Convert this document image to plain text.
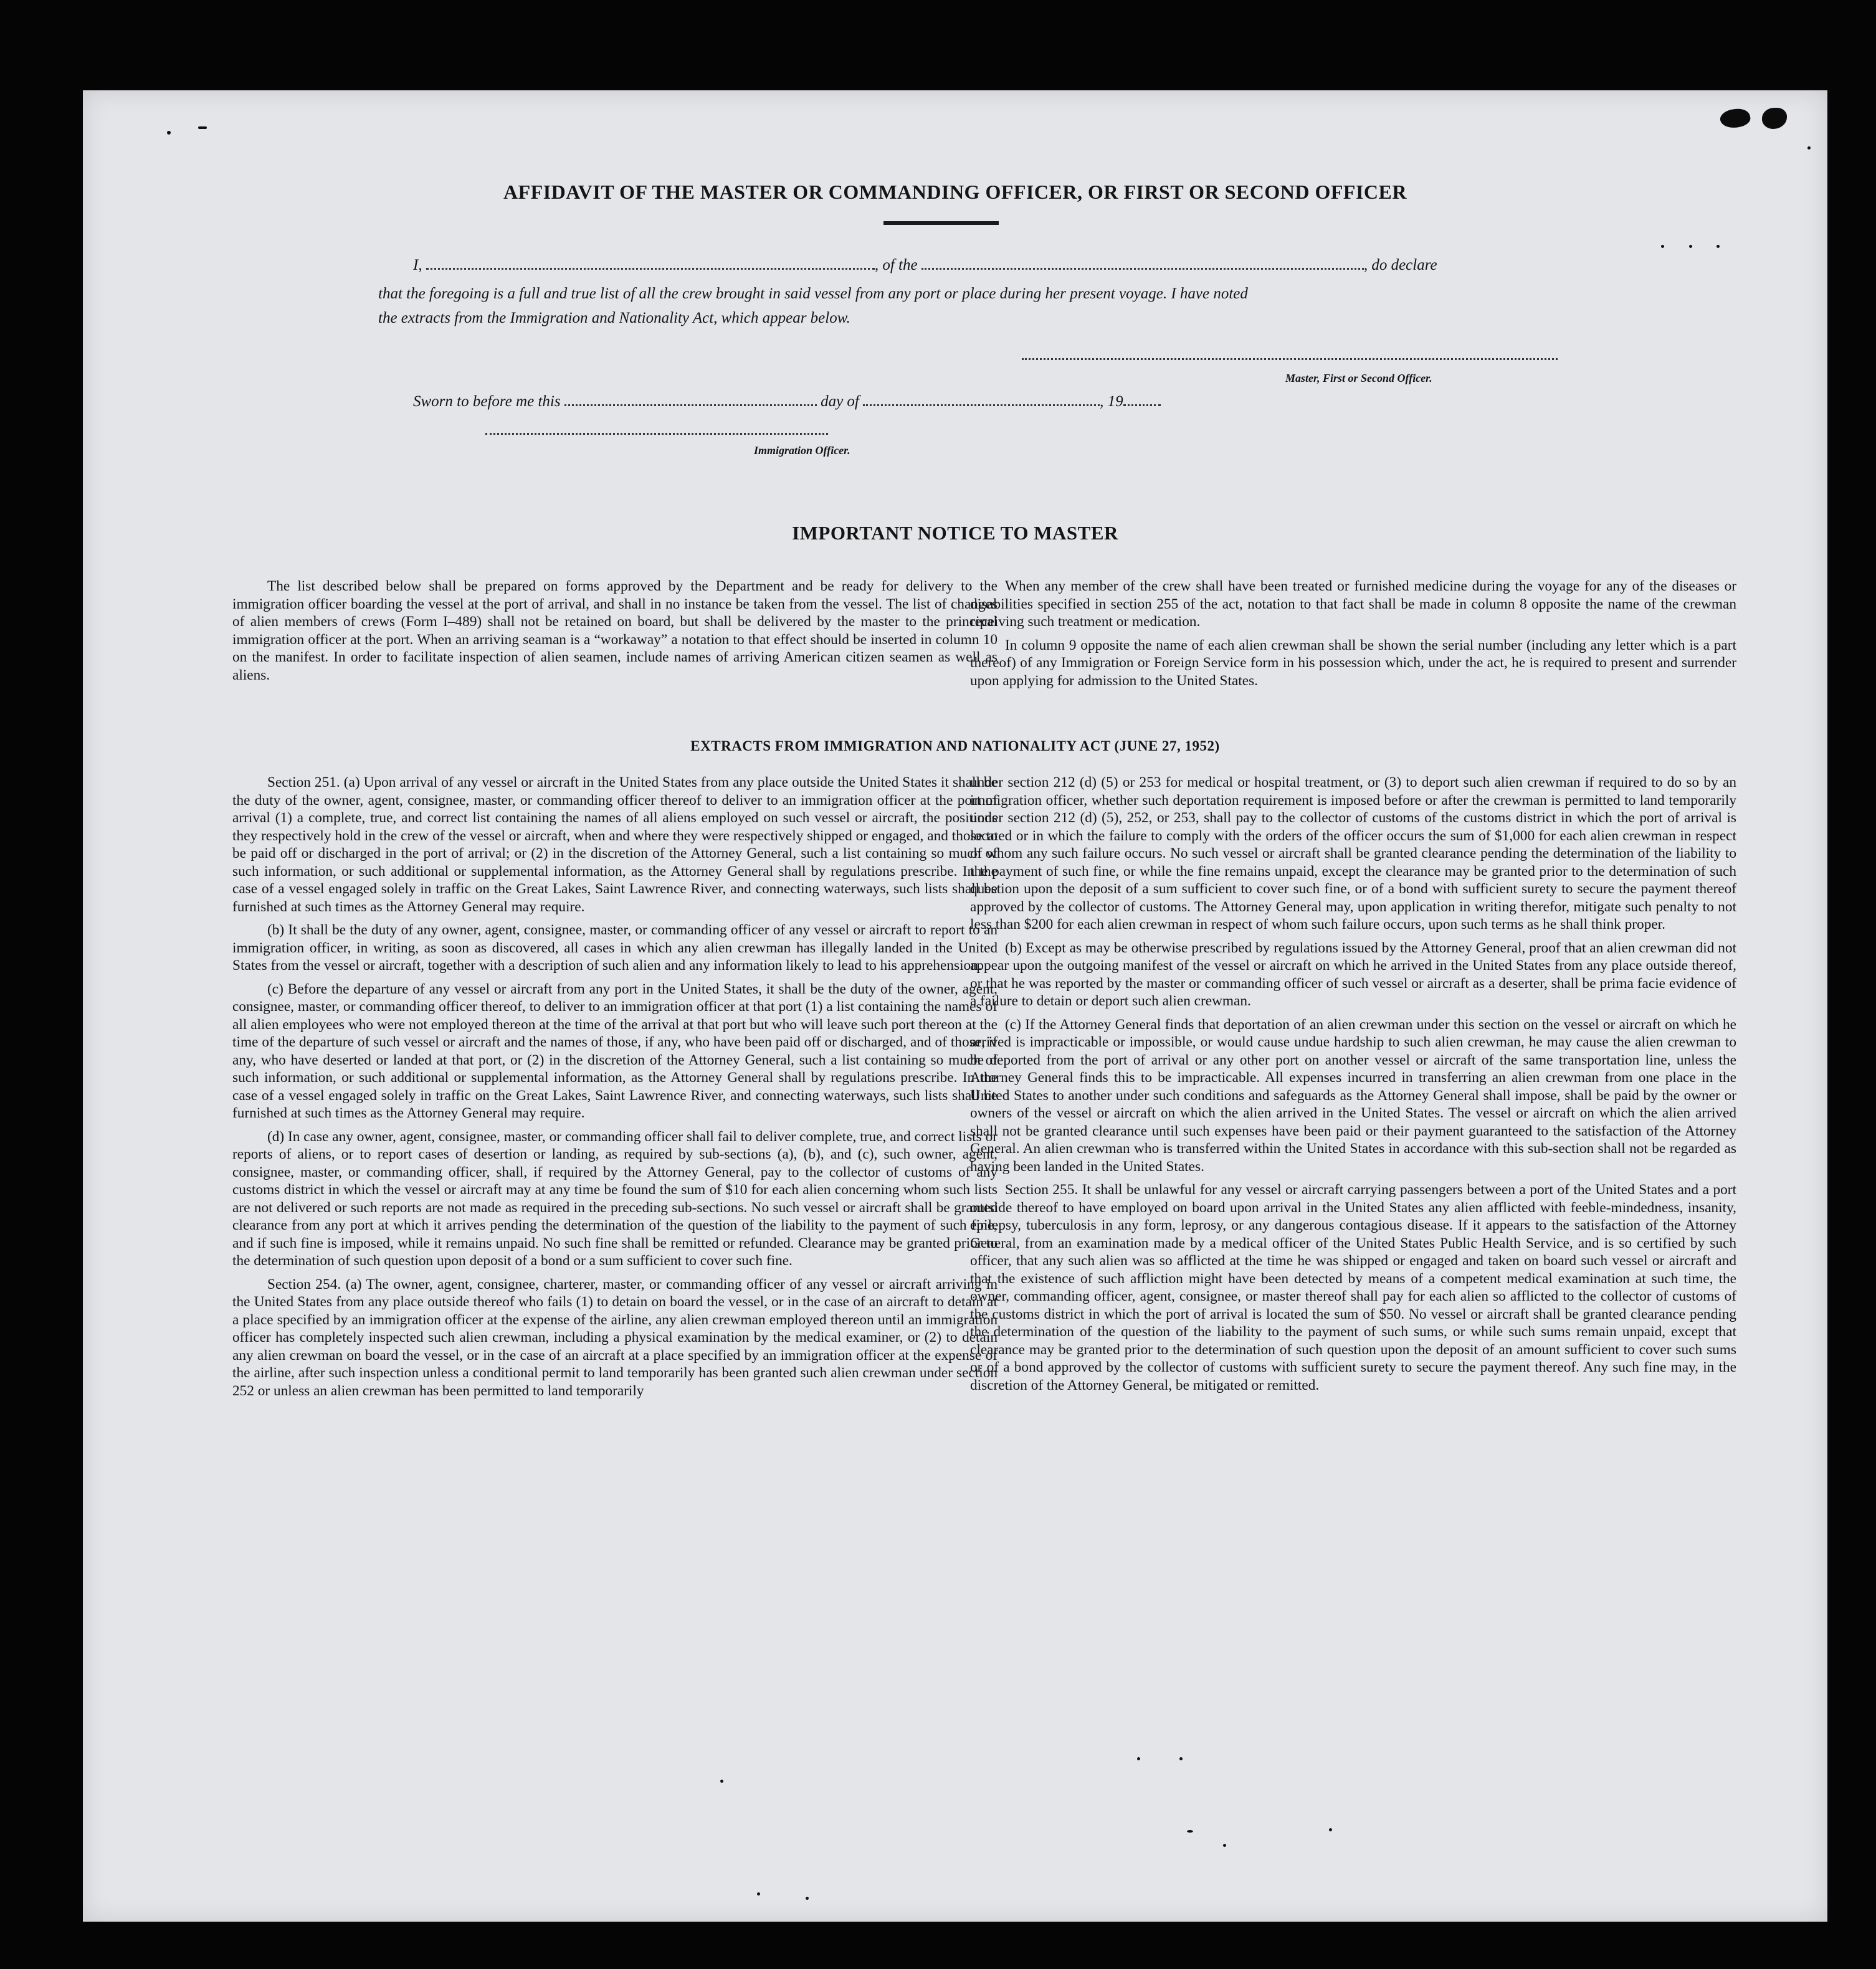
AFFIDAVIT OF THE MASTER OR COMMANDING OFFICER, OR FIRST OR SECOND OFFICER
I,	, of the	, do declare
that the foregoing is a full and true list of all the crew brought in said vessel from any port or place during her present voyage. I have noted
the extracts from the Immigration and Nationality Act, which appear below.
Master, First or Second Officer.
Sworn to before me this	day of	, 19
Immigration Officer.
IMPORTANT NOTICE TO MASTER

The list described below shall be prepared on forms approved by the Department and be ready for delivery to the immigration officer boarding the vessel at the port of arrival, and shall in no instance be taken from the vessel. The list of changes of alien members of crews (Form I–489) shall not be retained on board, but shall be delivered by the master to the principal immigration officer at the port. When an arriving seaman is a “workaway” a notation to that effect should be inserted in column 10 on the manifest. In order to facilitate inspection of alien seamen, include names of arriving American citizen seamen as well as aliens.

When any member of the crew shall have been treated or furnished medicine during the voyage for any of the diseases or disabilities specified in section 255 of the act, notation to that fact shall be made in column 8 opposite the name of the crewman receiving such treatment or medication.

In column 9 opposite the name of each alien crewman shall be shown the serial number (including any letter which is a part thereof) of any Immigration or Foreign Service form in his possession which, under the act, he is required to present and surrender upon applying for admission to the United States.

EXTRACTS FROM IMMIGRATION AND NATIONALITY ACT (JUNE 27, 1952)

Section 251. (a) Upon arrival of any vessel or aircraft in the United States from any place outside the United States it shall be the duty of the owner, agent, consignee, master, or commanding officer thereof to deliver to an immigration officer at the port of arrival (1) a complete, true, and correct list containing the names of all aliens employed on such vessel or aircraft, the positions they respectively hold in the crew of the vessel or aircraft, when and where they were respectively shipped or engaged, and those to be paid off or discharged in the port of arrival; or (2) in the discretion of the Attorney General, such a list containing so much of such information, or such additional or supplemental information, as the Attorney General shall by regulations prescribe. In the case of a vessel engaged solely in traffic on the Great Lakes, Saint Lawrence River, and connecting waterways, such lists shall be furnished at such times as the Attorney General may require.

(b) It shall be the duty of any owner, agent, consignee, master, or commanding officer of any vessel or aircraft to report to an immigration officer, in writing, as soon as discovered, all cases in which any alien crewman has illegally landed in the United States from the vessel or aircraft, together with a description of such alien and any information likely to lead to his apprehension.

(c) Before the departure of any vessel or aircraft from any port in the United States, it shall be the duty of the owner, agent, consignee, master, or commanding officer thereof, to deliver to an immigration officer at that port (1) a list containing the names of all alien employees who were not employed thereon at the time of the arrival at that port but who will leave such port thereon at the time of the departure of such vessel or aircraft and the names of those, if any, who have been paid off or discharged, and of those, if any, who have deserted or landed at that port, or (2) in the discretion of the Attorney General, such a list containing so much of such information, or such additional or supplemental information, as the Attorney General shall by regulations prescribe. In the case of a vessel engaged solely in traffic on the Great Lakes, Saint Lawrence River, and connecting waterways, such lists shall be furnished at such times as the Attorney General may require.

(d) In case any owner, agent, consignee, master, or commanding officer shall fail to deliver complete, true, and correct lists or reports of aliens, or to report cases of desertion or landing, as required by sub-sections (a), (b), and (c), such owner, agent, consignee, master, or commanding officer, shall, if required by the Attorney General, pay to the collector of customs of any customs district in which the vessel or aircraft may at any time be found the sum of $10 for each alien concerning whom such lists are not delivered or such reports are not made as required in the preceding sub-sections. No such vessel or aircraft shall be granted clearance from any port at which it arrives pending the determination of the question of the liability to the payment of such fine, and if such fine is imposed, while it remains unpaid. No such fine shall be remitted or refunded. Clearance may be granted prior to the determination of such question upon deposit of a bond or a sum sufficient to cover such fine.

Section 254. (a) The owner, agent, consignee, charterer, master, or commanding officer of any vessel or aircraft arriving in the United States from any place outside thereof who fails (1) to detain on board the vessel, or in the case of an aircraft to detain at a place specified by an immigration officer at the expense of the airline, any alien crewman employed thereon until an immigration officer has completely inspected such alien crewman, including a physical examination by the medical examiner, or (2) to detain any alien crewman on board the vessel, or in the case of an aircraft at a place specified by an immigration officer at the expense of the airline, after such inspection unless a conditional permit to land temporarily has been granted such alien crewman under section 252 or unless an alien crewman has been permitted to land temporarily

under section 212 (d) (5) or 253 for medical or hospital treatment, or (3) to deport such alien crewman if required to do so by an immigration officer, whether such deportation requirement is imposed before or after the crewman is permitted to land temporarily under section 212 (d) (5), 252, or 253, shall pay to the collector of customs of the customs district in which the port of arrival is located or in which the failure to comply with the orders of the officer occurs the sum of $1,000 for each alien crewman in respect of whom any such failure occurs. No such vessel or aircraft shall be granted clearance pending the determination of the liability to the payment of such fine, or while the fine remains unpaid, except the clearance may be granted prior to the determination of such question upon the deposit of a sum sufficient to cover such fine, or of a bond with sufficient surety to secure the payment thereof approved by the collector of customs. The Attorney General may, upon application in writing therefor, mitigate such penalty to not less than $200 for each alien crewman in respect of whom such failure occurs, upon such terms as he shall think proper.

(b) Except as may be otherwise prescribed by regulations issued by the Attorney General, proof that an alien crewman did not appear upon the outgoing manifest of the vessel or aircraft on which he arrived in the United States from any place outside thereof, or that he was reported by the master or commanding officer of such vessel or aircraft as a deserter, shall be prima facie evidence of a failure to detain or deport such alien crewman.

(c) If the Attorney General finds that deportation of an alien crewman under this section on the vessel or aircraft on which he arrived is impracticable or impossible, or would cause undue hardship to such alien crewman, he may cause the alien crewman to be deported from the port of arrival or any other port on another vessel or aircraft of the same transportation line, unless the Attorney General finds this to be impracticable. All expenses incurred in transferring an alien crewman from one place in the United States to another under such conditions and safeguards as the Attorney General shall impose, shall be paid by the owner or owners of the vessel or aircraft on which the alien arrived in the United States. The vessel or aircraft on which the alien arrived shall not be granted clearance until such expenses have been paid or their payment guaranteed to the satisfaction of the Attorney General. An alien crewman who is transferred within the United States in accordance with this sub-section shall not be regarded as having been landed in the United States.

Section 255. It shall be unlawful for any vessel or aircraft carrying passengers between a port of the United States and a port outside thereof to have employed on board upon arrival in the United States any alien afflicted with feeble-mindedness, insanity, epilepsy, tuberculosis in any form, leprosy, or any dangerous contagious disease. If it appears to the satisfaction of the Attorney General, from an examination made by a medical officer of the United States Public Health Service, and is so certified by such officer, that any such alien was so afflicted at the time he was shipped or engaged and taken on board such vessel or aircraft and that the existence of such affliction might have been detected by means of a competent medical examination at such time, the owner, commanding officer, agent, consignee, or master thereof shall pay for each alien so afflicted to the collector of customs of the customs district in which the port of arrival is located the sum of $50. No vessel or aircraft shall be granted clearance pending the determination of the question of the liability to the payment of such sums, or while such sums remain unpaid, except that clearance may be granted prior to the determination of such question upon the deposit of an amount sufficient to cover such sums or of a bond approved by the collector of customs with sufficient surety to secure the payment thereof. Any such fine may, in the discretion of the Attorney General, be mitigated or remitted.
